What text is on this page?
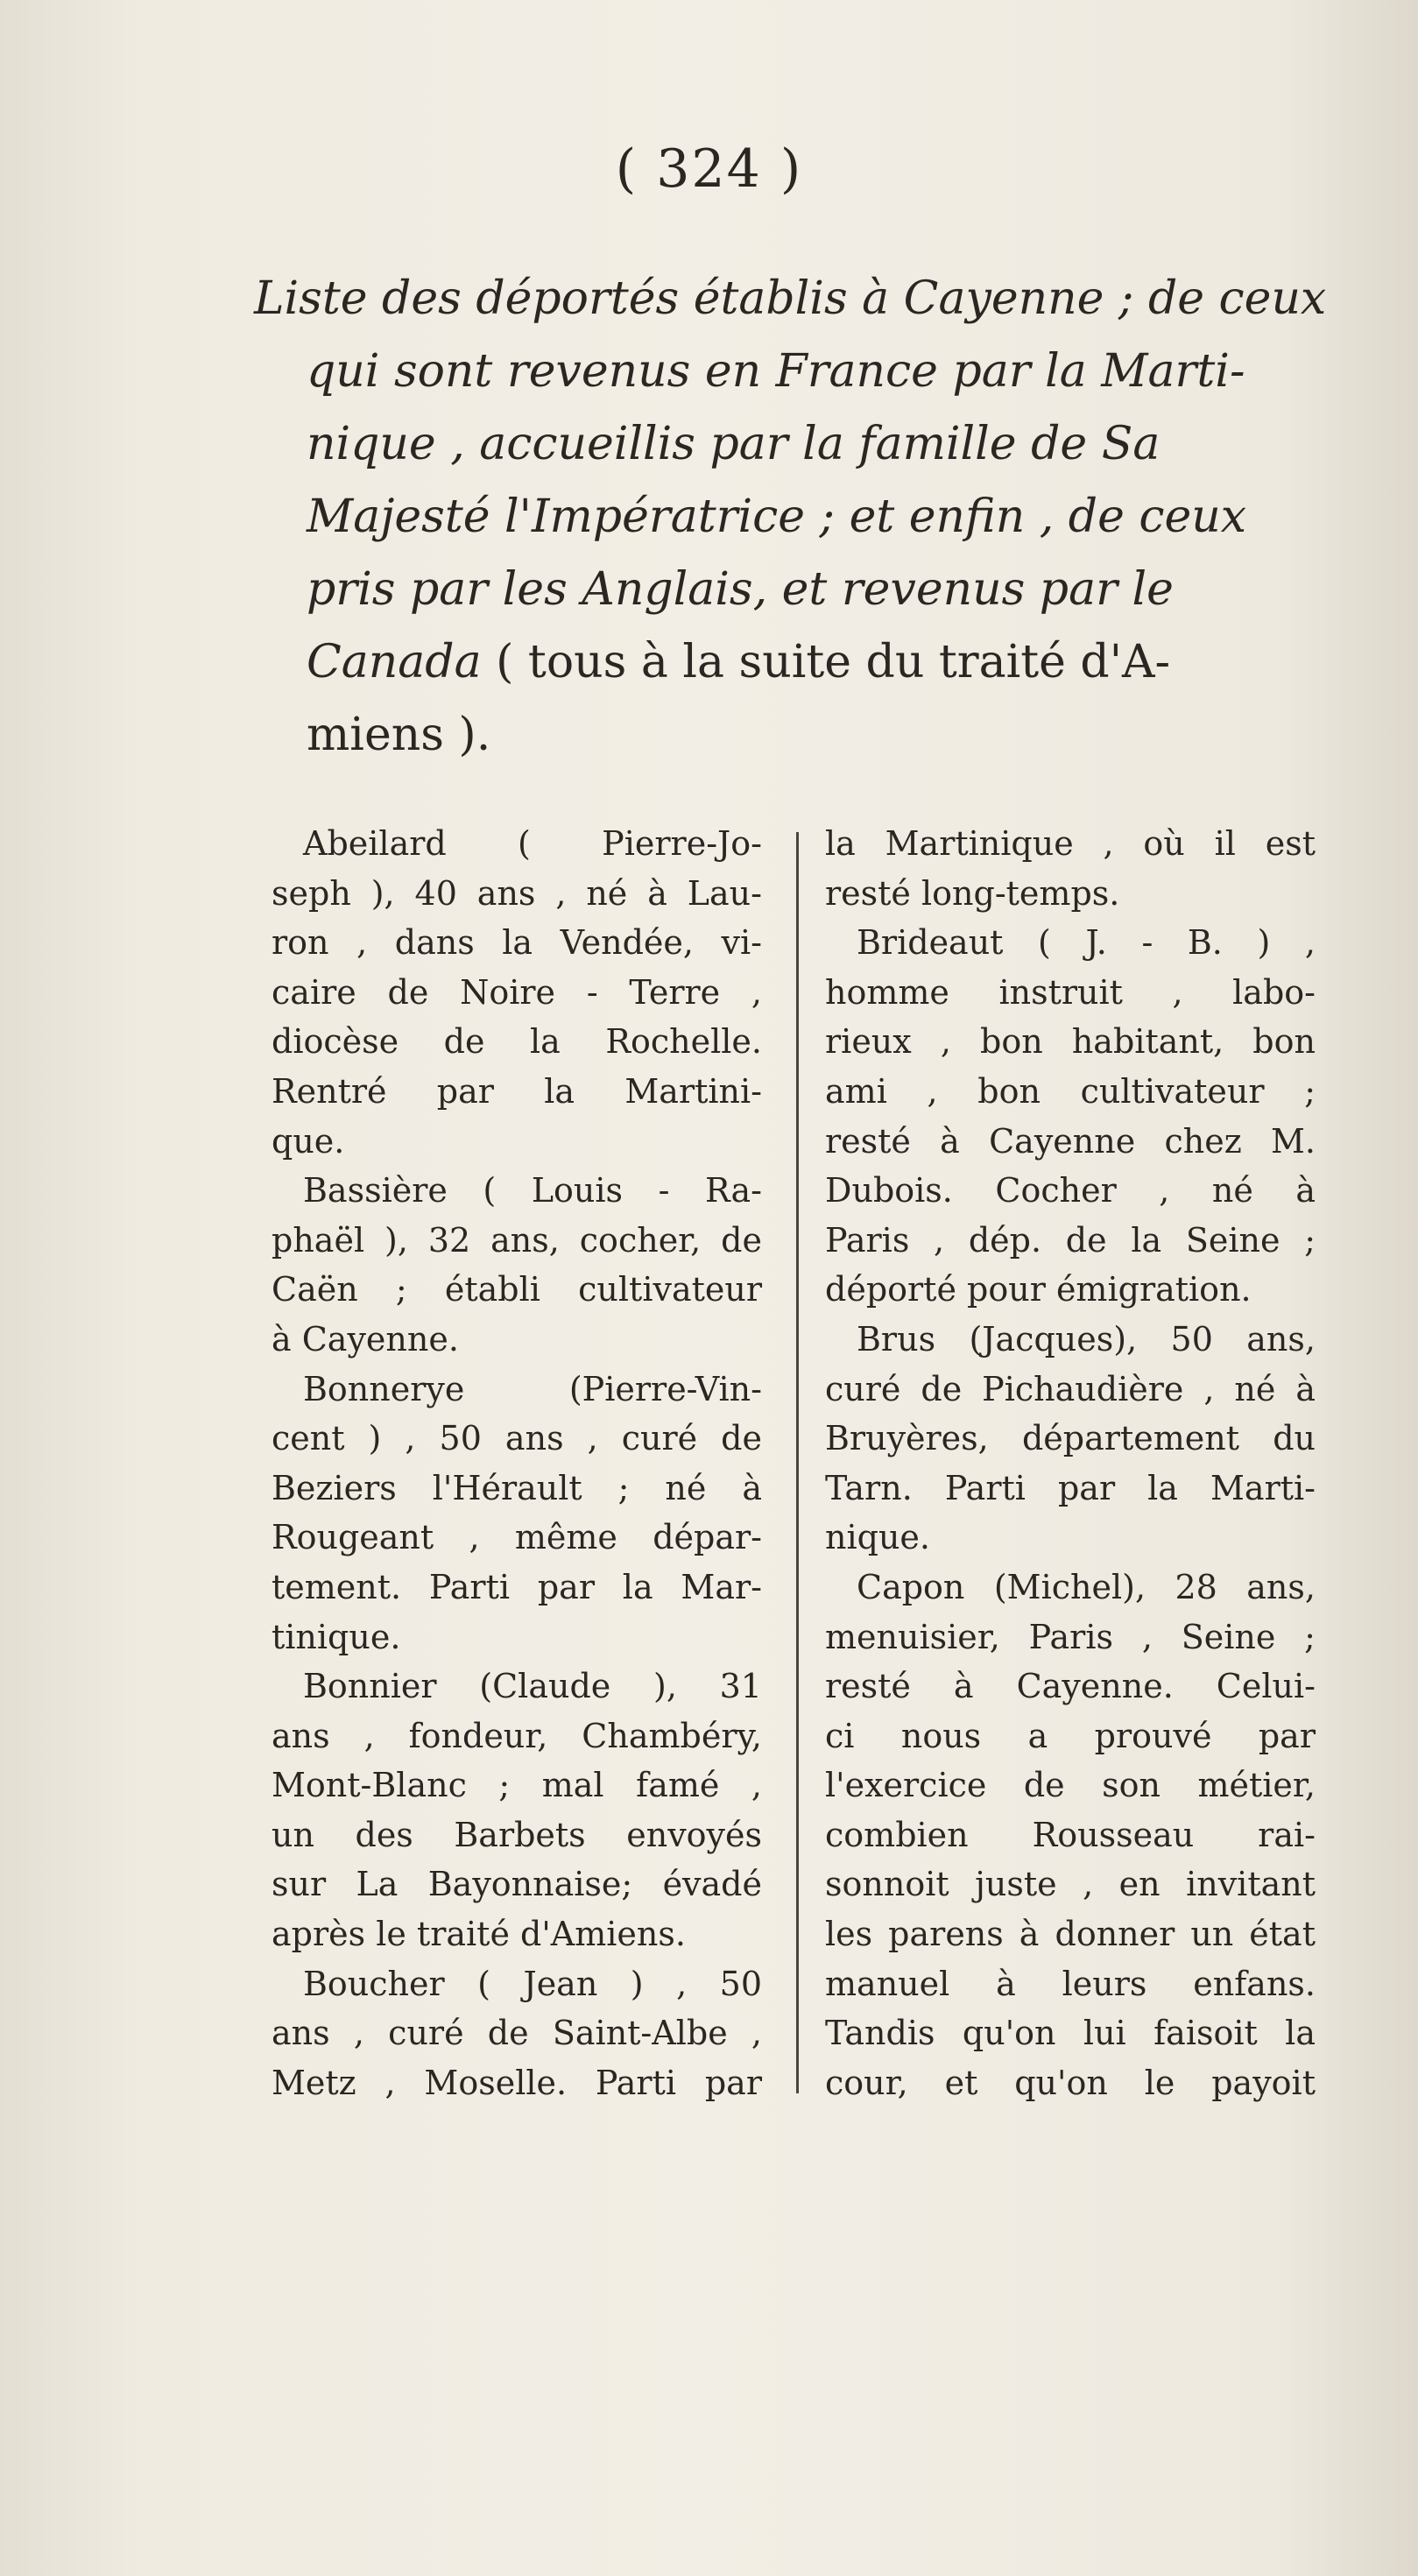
( 324 )
Liste des déportés établis à Cayenne ; de ceux
qui sont revenus en France par la Marti-
nique , accueillis par la famille de Sa
Majesté l'Impératrice ; et enfin , de ceux
pris par les Anglais, et revenus par le
Canada ( tous à la suite du traité d'A-
miens ).
Abeilard ( Pierre-Jo-
seph ), 40 ans , né à Lau-
ron , dans la Vendée, vi-
caire de Noire - Terre ,
diocèse de la Rochelle.
Rentré par la Martini-
que.
Bassière ( Louis - Ra-
phaël ), 32 ans, cocher, de
Caën ; établi cultivateur
à Cayenne.
Bonnerye (Pierre-Vin-
cent ) , 50 ans , curé de
Beziers l'Hérault ; né à
Rougeant , même dépar-
tement. Parti par la Mar-
tinique.
Bonnier (Claude ), 31
ans , fondeur, Chambéry,
Mont-Blanc ; mal famé ,
un des Barbets envoyés
sur La Bayonnaise; évadé
après le traité d'Amiens.
Boucher ( Jean ) , 50
ans , curé de Saint-Albe ,
Metz , Moselle. Parti par
la Martinique , où il est
resté long-temps.
Brideaut ( J. - B. ) ,
homme instruit , labo-
rieux , bon habitant, bon
ami , bon cultivateur ;
resté à Cayenne chez M.
Dubois. Cocher , né à
Paris , dép. de la Seine ;
déporté pour émigration.
Brus (Jacques), 50 ans,
curé de Pichaudière , né à
Bruyères, département du
Tarn. Parti par la Marti-
nique.
Capon (Michel), 28 ans,
menuisier, Paris , Seine ;
resté à Cayenne. Celui-
ci nous a prouvé par
l'exercice de son métier,
combien Rousseau rai-
sonnoit juste , en invitant
les parens à donner un état
manuel à leurs enfans.
Tandis qu'on lui faisoit la
cour, et qu'on le payoit
